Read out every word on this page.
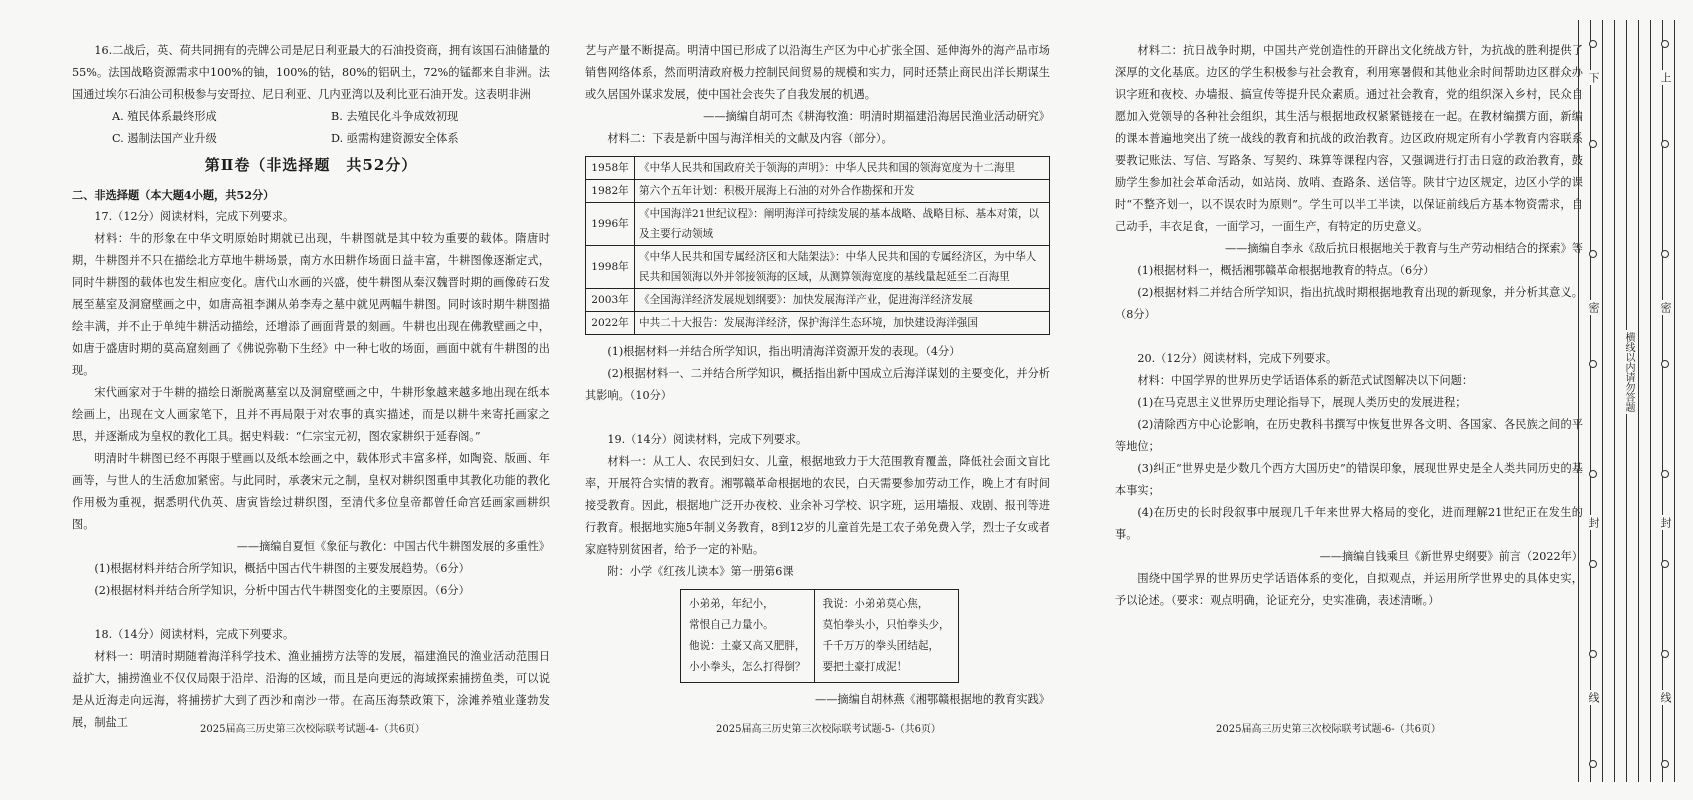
16.二战后，英、荷共同拥有的壳牌公司是尼日利亚最大的石油投资商，拥有该国石油储量的55%。法国战略资源需求中100%的铀，100%的钴，80%的铝矾土，72%的锰都来自非洲。法国通过埃尔石油公司积极参与安哥拉、尼日利亚、几内亚湾以及利比亚石油开发。这表明非洲

A. 殖民体系最终形成	B. 去殖民化斗争成效初现
C. 遏制法国产业升级	D. 亟需构建资源安全体系
第Ⅱ卷（非选择题　共52分）

二、非选择题（本大题4小题，共52分）

17.（12分）阅读材料，完成下列要求。

材料：牛的形象在中华文明原始时期就已出现，牛耕图就是其中较为重要的载体。隋唐时期，牛耕图并不只在描绘北方草地牛耕场景，南方水田耕作场面日益丰富，牛耕图像逐渐定式，同时牛耕图的载体也发生相应变化。唐代山水画的兴盛，使牛耕图从秦汉魏晋时期的画像砖石发展至墓室及洞窟壁画之中，如唐高祖李渊从弟李寿之墓中就见两幅牛耕图。同时该时期牛耕图描绘丰满，并不止于单纯牛耕活动描绘，还增添了画面背景的刻画。牛耕也出现在佛教壁画之中，如唐于盛唐时期的莫高窟刻画了《佛说弥勒下生经》中一种七收的场面，画面中就有牛耕图的出现。

宋代画家对于牛耕的描绘日渐脱离墓室以及洞窟壁画之中，牛耕形象越来越多地出现在纸本绘画上，出现在文人画家笔下，且并不再局限于对农事的真实描述，而是以耕牛来寄托画家之思，并逐渐成为皇权的教化工具。据史料载：“仁宗宝元初，图农家耕织于延春阁。”

明清时牛耕图已经不再限于壁画以及纸本绘画之中，载体形式丰富多样，如陶瓷、版画、年画等，与世人的生活愈加紧密。与此同时，承袭宋元之制，皇权对耕织图重申其教化功能的教化作用极为重视，据悉明代仇英、唐寅皆绘过耕织图，至清代多位皇帝都曾任命宫廷画家画耕织图。

——摘编自夏恒《象征与教化：中国古代牛耕图发展的多重性》

(1)根据材料并结合所学知识，概括中国古代牛耕图的主要发展趋势。（6分）

(2)根据材料并结合所学知识，分析中国古代牛耕图变化的主要原因。（6分）

18.（14分）阅读材料，完成下列要求。

材料一：明清时期随着海洋科学技术、渔业捕捞方法等的发展，福建渔民的渔业活动范围日益扩大，捕捞渔业不仅仅局限于沿岸、沿海的区域，而且是向更远的海域探索捕捞鱼类，可以说是从近海走向远海，将捕捞扩大到了西沙和南沙一带。在高压海禁政策下，涂滩养殖业蓬勃发展，制盐工

2025届高三历史第三次校际联考试题-4-（共6页）

艺与产量不断提高。明清中国已形成了以沿海生产区为中心扩张全国、延伸海外的海产品市场销售网络体系，然而明清政府极力控制民间贸易的规模和实力，同时还禁止商民出洋长期谋生或久居国外谋求发展，使中国社会丧失了自我发展的机遇。

——摘编自胡可杰《耕海牧渔：明清时期福建沿海居民渔业活动研究》

材料二：下表是新中国与海洋相关的文献及内容（部分）。

1958年	《中华人民共和国政府关于领海的声明》：中华人民共和国的领海宽度为十二海里
1982年	第六个五年计划：积极开展海上石油的对外合作勘探和开发
1996年	《中国海洋21世纪议程》：阐明海洋可持续发展的基本战略、战略目标、基本对策，以及主要行动领域
1998年	《中华人民共和国专属经济区和大陆架法》：中华人民共和国的专属经济区，为中华人民共和国领海以外并邻接领海的区域，从测算领海宽度的基线量起延至二百海里
2003年	《全国海洋经济发展规划纲要》：加快发展海洋产业，促进海洋经济发展
2022年	中共二十大报告：发展海洋经济，保护海洋生态环境，加快建设海洋强国

(1)根据材料一并结合所学知识，指出明清海洋资源开发的表现。（4分）

(2)根据材料一、二并结合所学知识，概括指出新中国成立后海洋谋划的主要变化，并分析其影响。（10分）

19.（14分）阅读材料，完成下列要求。

材料一：从工人、农民到妇女、儿童，根据地致力于大范围教育覆盖，降低社会面文盲比率，开展符合实情的教育。湘鄂赣革命根据地的农民，白天需要参加劳动工作，晚上才有时间接受教育。因此，根据地广泛开办夜校、业余补习学校、识字班，运用墙报、戏剧、报刊等进行教育。根据地实施5年制义务教育，8到12岁的儿童首先是工农子弟免费入学，烈士子女或者家庭特别贫困者，给予一定的补贴。

附：小学《红孩儿读本》第一册第6课

小弟弟，年纪小，
常恨自己力量小。
他说：土豪又高又肥胖，
小小拳头，怎么打得倒？

我说：小弟弟莫心焦，
莫怕拳头小，只怕拳头少，
千千万万的拳头团结起，
要把土豪打成泥！

——摘编自胡林燕《湘鄂赣根据地的教育实践》

2025届高三历史第三次校际联考试题-5-（共6页）

材料二：抗日战争时期，中国共产党创造性的开辟出文化统战方针，为抗战的胜利提供了深厚的文化基底。边区的学生积极参与社会教育，利用寒暑假和其他业余时间帮助边区群众办识字班和夜校、办墙报、搞宣传等提升民众素质。通过社会教育，党的组织深入乡村，民众自愿加入党领导的各种社会组织，其生活与根据地政权紧紧链接在一起。在教材编撰方面，新编的课本普遍地突出了统一战线的教育和抗战的政治教育。边区政府规定所有小学教育内容联系要教记账法、写信、写路条、写契约、珠算等课程内容，又强调进行打击日寇的政治教育，鼓励学生参加社会革命活动，如站岗、放哨、查路条、送信等。陕甘宁边区规定，边区小学的课时“不整齐划一，以不误农时为原则”。学生可以半工半读，以保证前线后方基本物资需求，自己动手，丰衣足食，一面学习，一面生产，有特定的历史意义。

——摘编自李永《敌后抗日根据地关于教育与生产劳动相结合的探索》等

(1)根据材料一，概括湘鄂赣革命根据地教育的特点。（6分）

(2)根据材料二并结合所学知识，指出抗战时期根据地教育出现的新现象，并分析其意义。（8分）

20.（12分）阅读材料，完成下列要求。

材料：中国学界的世界历史学话语体系的新范式试图解决以下问题：

(1)在马克思主义世界历史理论指导下，展现人类历史的发展进程；

(2)清除西方中心论影响，在历史教科书撰写中恢复世界各文明、各国家、各民族之间的平等地位；

(3)纠正“世界史是少数几个西方大国历史”的错误印象，展现世界史是全人类共同历史的基本事实；

(4)在历史的长时段叙事中展现几千年来世界大格局的变化，进而理解21世纪正在发生的事。

——摘编自钱乘旦《新世界史纲要》前言（2022年）

围绕中国学界的世界历史学话语体系的变化，自拟观点，并运用所学世界史的具体史实，予以论述。（要求：观点明确，论证充分，史实准确，表述清晰。）

2025届高三历史第三次校际联考试题-6-（共6页）
下
密
封
线
横线以内请勿答题
上
密
封
线
